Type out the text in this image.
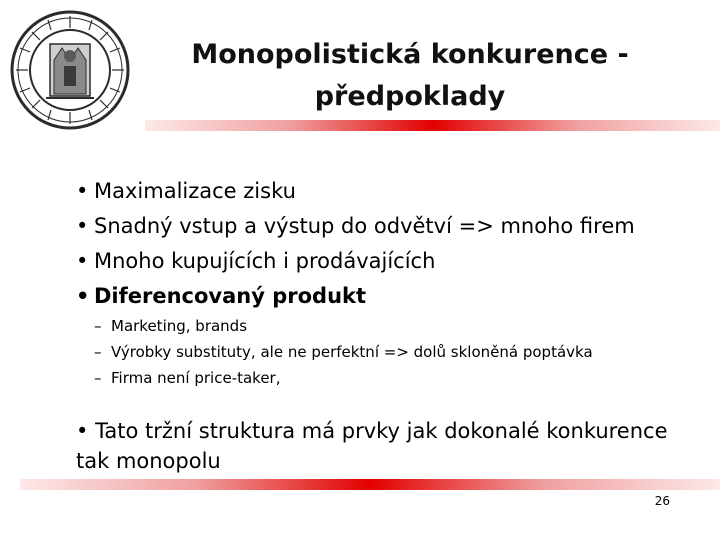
Monopolistická konkurence -
předpoklady
• Maximalizace zisku
• Snadný vstup a výstup do odvětví => mnoho firem
• Mnoho kupujících i prodávajících
• Diferencovaný produkt
– Marketing, brands
– Výrobky substituty, ale ne perfektní => dolů skloněná poptávka
– Firma není price-taker,
• Tato tržní struktura má prvky jak dokonalé konkurence tak monopolu
26
